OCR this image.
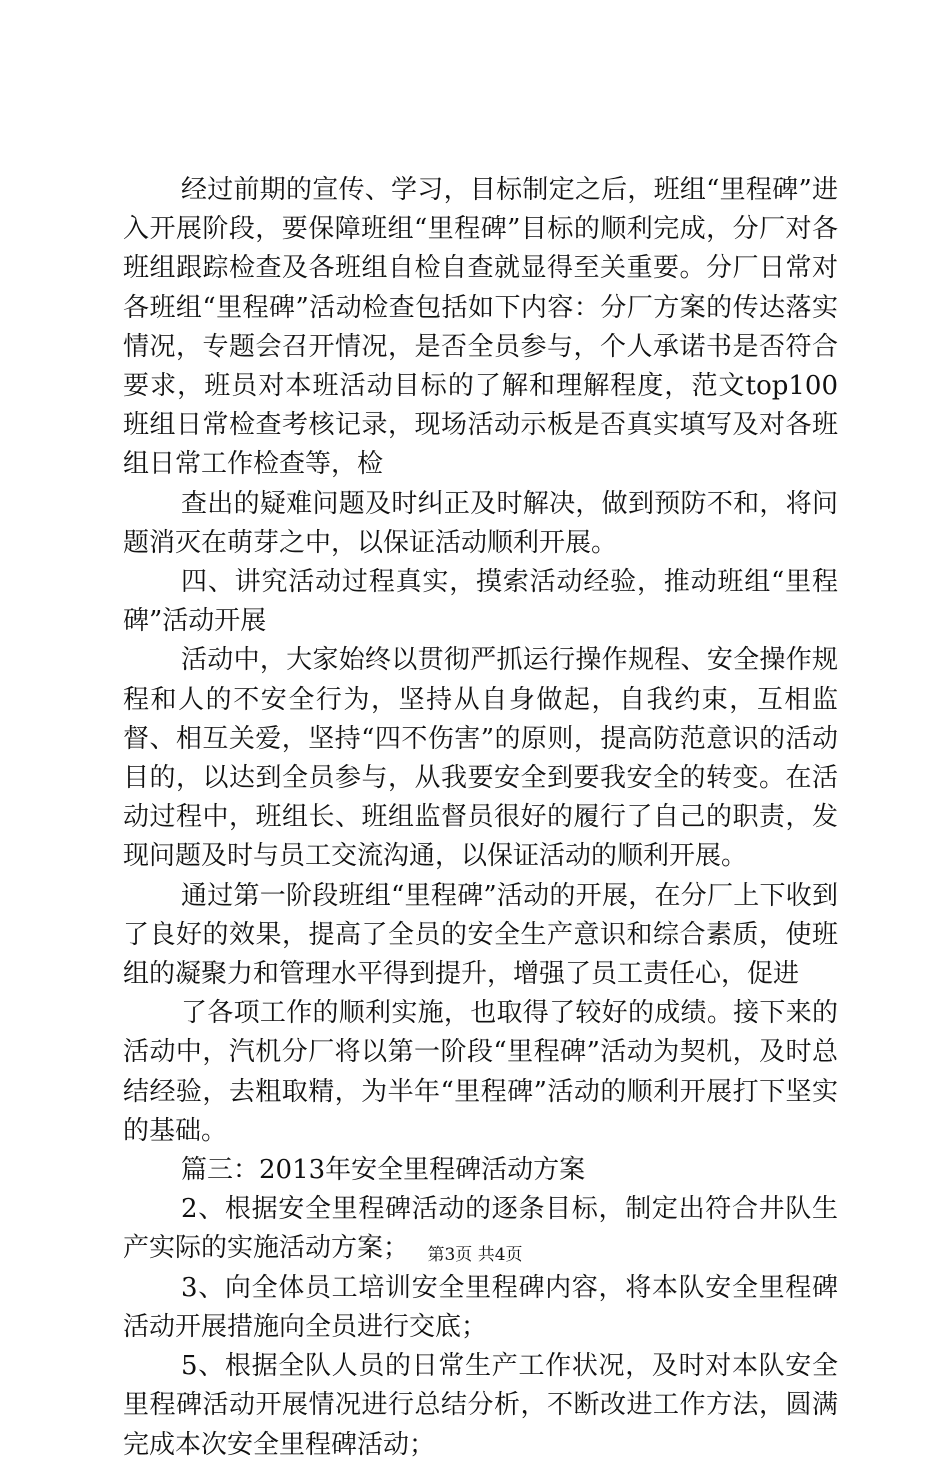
经过前期的宣传、学习，目标制定之后，班组“里程碑”进入开展阶段，要保障班组“里程碑”目标的顺利完成，分厂对各班组跟踪检查及各班组自检自查就显得至关重要。分厂日常对各班组“里程碑”活动检查包括如下内容：分厂方案的传达落实情况，专题会召开情况，是否全员参与，个人承诺书是否符合要求，班员对本班活动目标的了解和理解程度，范文top100班组日常检查考核记录，现场活动示板是否真实填写及对各班组日常工作检查等，检

查出的疑难问题及时纠正及时解决，做到预防不和，将问题消灭在萌芽之中，以保证活动顺利开展。

四、讲究活动过程真实，摸索活动经验，推动班组“里程碑”活动开展

活动中，大家始终以贯彻严抓运行操作规程、安全操作规程和人的不安全行为，坚持从自身做起，自我约束，互相监督、相互关爱，坚持“四不伤害”的原则，提高防范意识的活动目的，以达到全员参与，从我要安全到要我安全的转变。在活动过程中，班组长、班组监督员很好的履行了自己的职责，发现问题及时与员工交流沟通，以保证活动的顺利开展。

通过第一阶段班组“里程碑”活动的开展，在分厂上下收到了良好的效果，提高了全员的安全生产意识和综合素质，使班组的凝聚力和管理水平得到提升，增强了员工责任心，促进

了各项工作的顺利实施，也取得了较好的成绩。接下来的活动中，汽机分厂将以第一阶段“里程碑”活动为契机，及时总结经验，去粗取精，为半年“里程碑”活动的顺利开展打下坚实的基础。

篇三：2013年安全里程碑活动方案

2、根据安全里程碑活动的逐条目标，制定出符合井队生产实际的实施活动方案；

3、向全体员工培训安全里程碑内容，将本队安全里程碑活动开展措施向全员进行交底；

5、根据全队人员的日常生产工作状况，及时对本队安全里程碑活动开展情况进行总结分析，不断改进工作方法，圆满完成本次安全里程碑活动；

第3页 共4页
